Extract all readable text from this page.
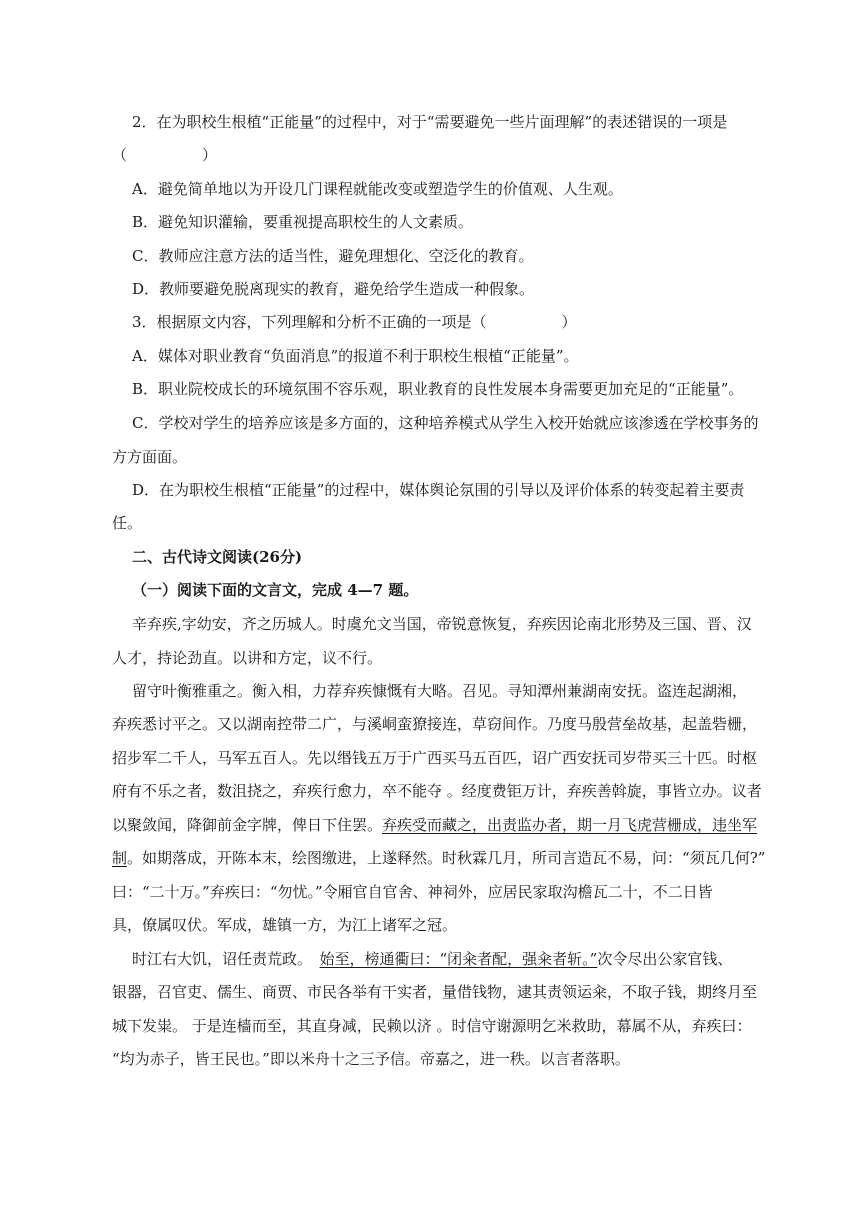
2．在为职校生根植“正能量”的过程中，对于“需要避免一些片面理解”的表述错误的一项是
（　　　　　）
A．避免简单地以为开设几门课程就能改变或塑造学生的价值观、人生观。
B．避免知识灌输，要重视提高职校生的人文素质。
C．教师应注意方法的适当性，避免理想化、空泛化的教育。
D．教师要避免脱离现实的教育，避免给学生造成一种假象。
3．根据原文内容，下列理解和分析不正确的一项是（　　　　　）
A．媒体对职业教育“负面消息”的报道不利于职校生根植“正能量”。
B．职业院校成长的环境氛围不容乐观，职业教育的良性发展本身需要更加充足的“正能量”。
C．学校对学生的培养应该是多方面的，这种培养模式从学生入校开始就应该渗透在学校事务的
方方面面。
D．在为职校生根植“正能量”的过程中，媒体舆论氛围的引导以及评价体系的转变起着主要责
任。
二、古代诗文阅读(26分)
（一）阅读下面的文言文，完成 4—7 题。
辛弃疾,字幼安，齐之历城人。时虞允文当国，帝锐意恢复，弃疾因论南北形势及三国、晋、汉
人才，持论劲直。以讲和方定，议不行。
留守叶衡雅重之。衡入相，力荐弃疾慷慨有大略。召见。寻知潭州兼湖南安抚。盗连起湖湘，
弃疾悉讨平之。又以湖南控带二广，与溪峒蛮獠接连，草窃间作。乃度马殷营垒故基，起盖砦栅，
招步军二千人，马军五百人。先以缗钱五万于广西买马五百匹，诏广西安抚司岁带买三十匹。时枢
府有不乐之者，数沮挠之，弃疾行愈力，卒不能夺 。经度费钜万计，弃疾善斡旋，事皆立办。议者
以聚敛闻，降御前金字牌，俾日下住罢。弃疾受而藏之，出责监办者，期一月飞虎营栅成，违坐军
制。如期落成，开陈本末，绘图缴进，上遂释然。时秋霖几月，所司言造瓦不易，问：“须瓦几何?”
曰：“二十万。”弃疾曰：“勿忧。”令厢官自官舍、神祠外，应居民家取沟檐瓦二十，不二日皆
具，僚属叹伏。军成，雄镇一方，为江上诸军之冠。
时江右大饥，诏任责荒政。　始至，榜通衢曰：“闭籴者配，强籴者斩。”次令尽出公家官钱、
银器，召官吏、儒生、商贾、市民各举有干实者，量借钱物，逮其责领运籴，不取子钱，期终月至
城下发粜。 于是连樯而至，其直身减，民赖以济 。时信守谢源明乞米救助，幕属不从，弃疾曰：
“均为赤子，皆王民也。”即以米舟十之三予信。帝嘉之，进一秩。以言者落职。
